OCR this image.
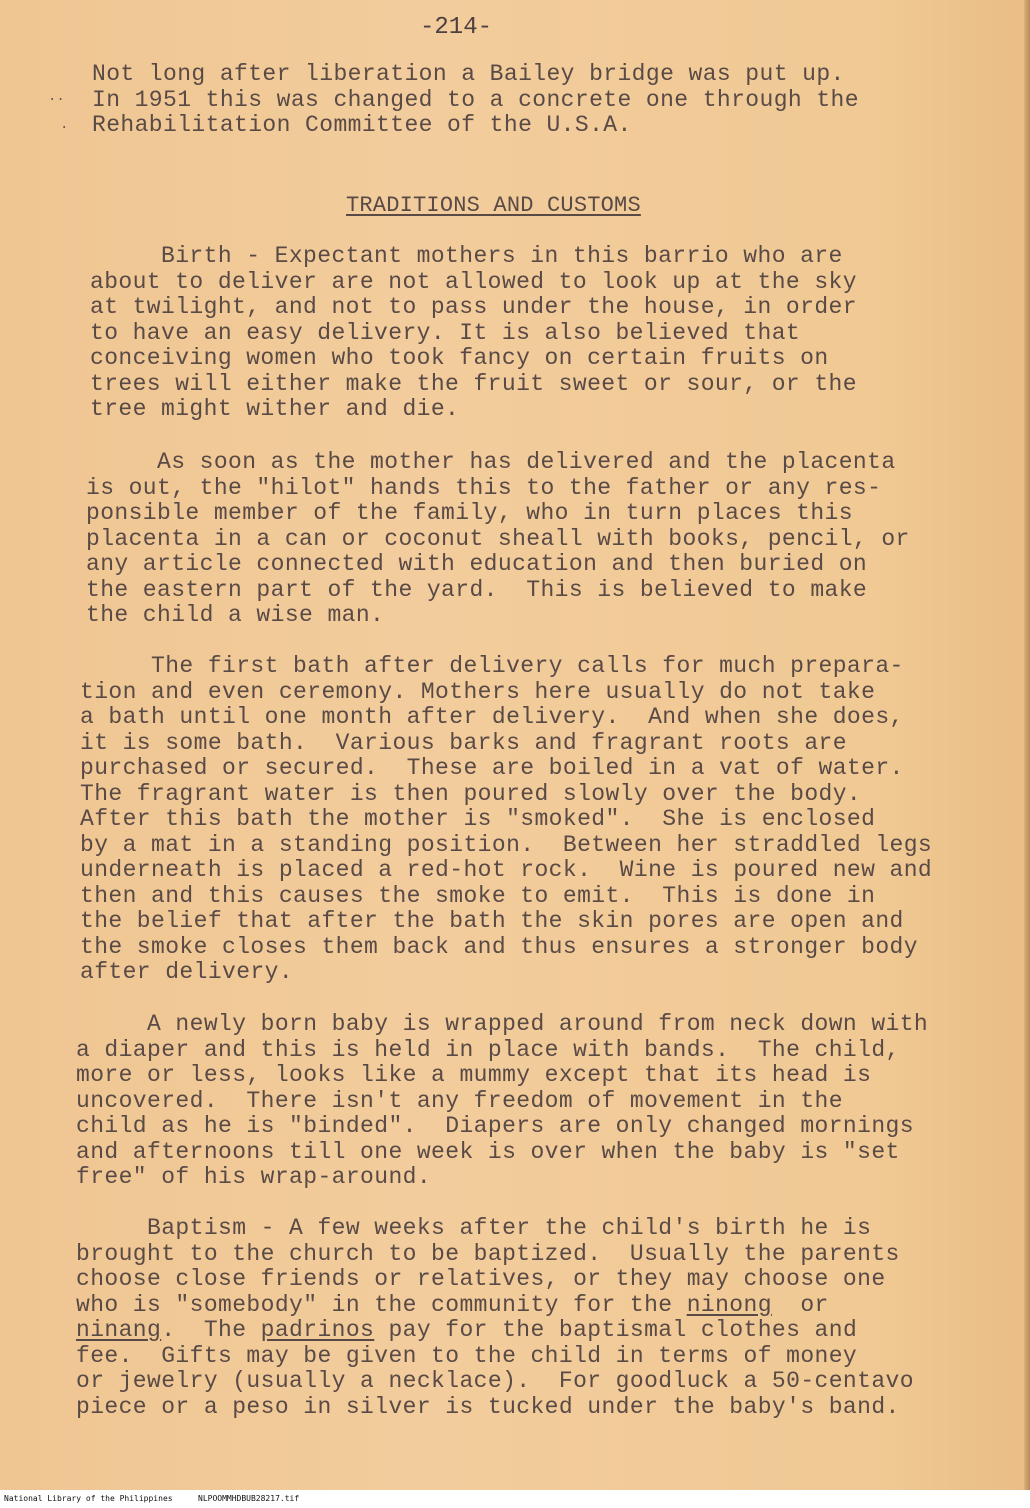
-214-
··
·
Not long after liberation a Bailey bridge was put up.
In 1951 this was changed to a concrete one through the
Rehabilitation Committee of the U.S.A.
TRADITIONS AND CUSTOMS
Birth - Expectant mothers in this barrio who are
about to deliver are not allowed to look up at the sky
at twilight, and not to pass under the house, in order
to have an easy delivery. It is also believed that
conceiving women who took fancy on certain fruits on
trees will either make the fruit sweet or sour, or the
tree might wither and die.
As soon as the mother has delivered and the placenta
is out, the "hilot" hands this to the father or any res-
ponsible member of the family, who in turn places this
placenta in a can or coconut sheall with books, pencil, or
any article connected with education and then buried on
the eastern part of the yard.  This is believed to make
the child a wise man.
The first bath after delivery calls for much prepara-
tion and even ceremony. Mothers here usually do not take
a bath until one month after delivery.  And when she does,
it is some bath.  Various barks and fragrant roots are
purchased or secured.  These are boiled in a vat of water.
The fragrant water is then poured slowly over the body.
After this bath the mother is "smoked".  She is enclosed
by a mat in a standing position.  Between her straddled legs
underneath is placed a red-hot rock.  Wine is poured new and
then and this causes the smoke to emit.  This is done in
the belief that after the bath the skin pores are open and
the smoke closes them back and thus ensures a stronger body
after delivery.
A newly born baby is wrapped around from neck down with
a diaper and this is held in place with bands.  The child,
more or less, looks like a mummy except that its head is
uncovered.  There isn't any freedom of movement in the
child as he is "binded".  Diapers are only changed mornings
and afternoons till one week is over when the baby is "set
free" of his wrap-around.
Baptism - A few weeks after the child's birth he is
brought to the church to be baptized.  Usually the parents
choose close friends or relatives, or they may choose one
who is "somebody" in the community for the ninong  or
ninang.  The padrinos pay for the baptismal clothes and
fee.  Gifts may be given to the child in terms of money
or jewelry (usually a necklace).  For goodluck a 50-centavo
piece or a peso in silver is tucked under the baby's band.
National Library of the Philippines	NLPOOMMHDBUB28217.tif
